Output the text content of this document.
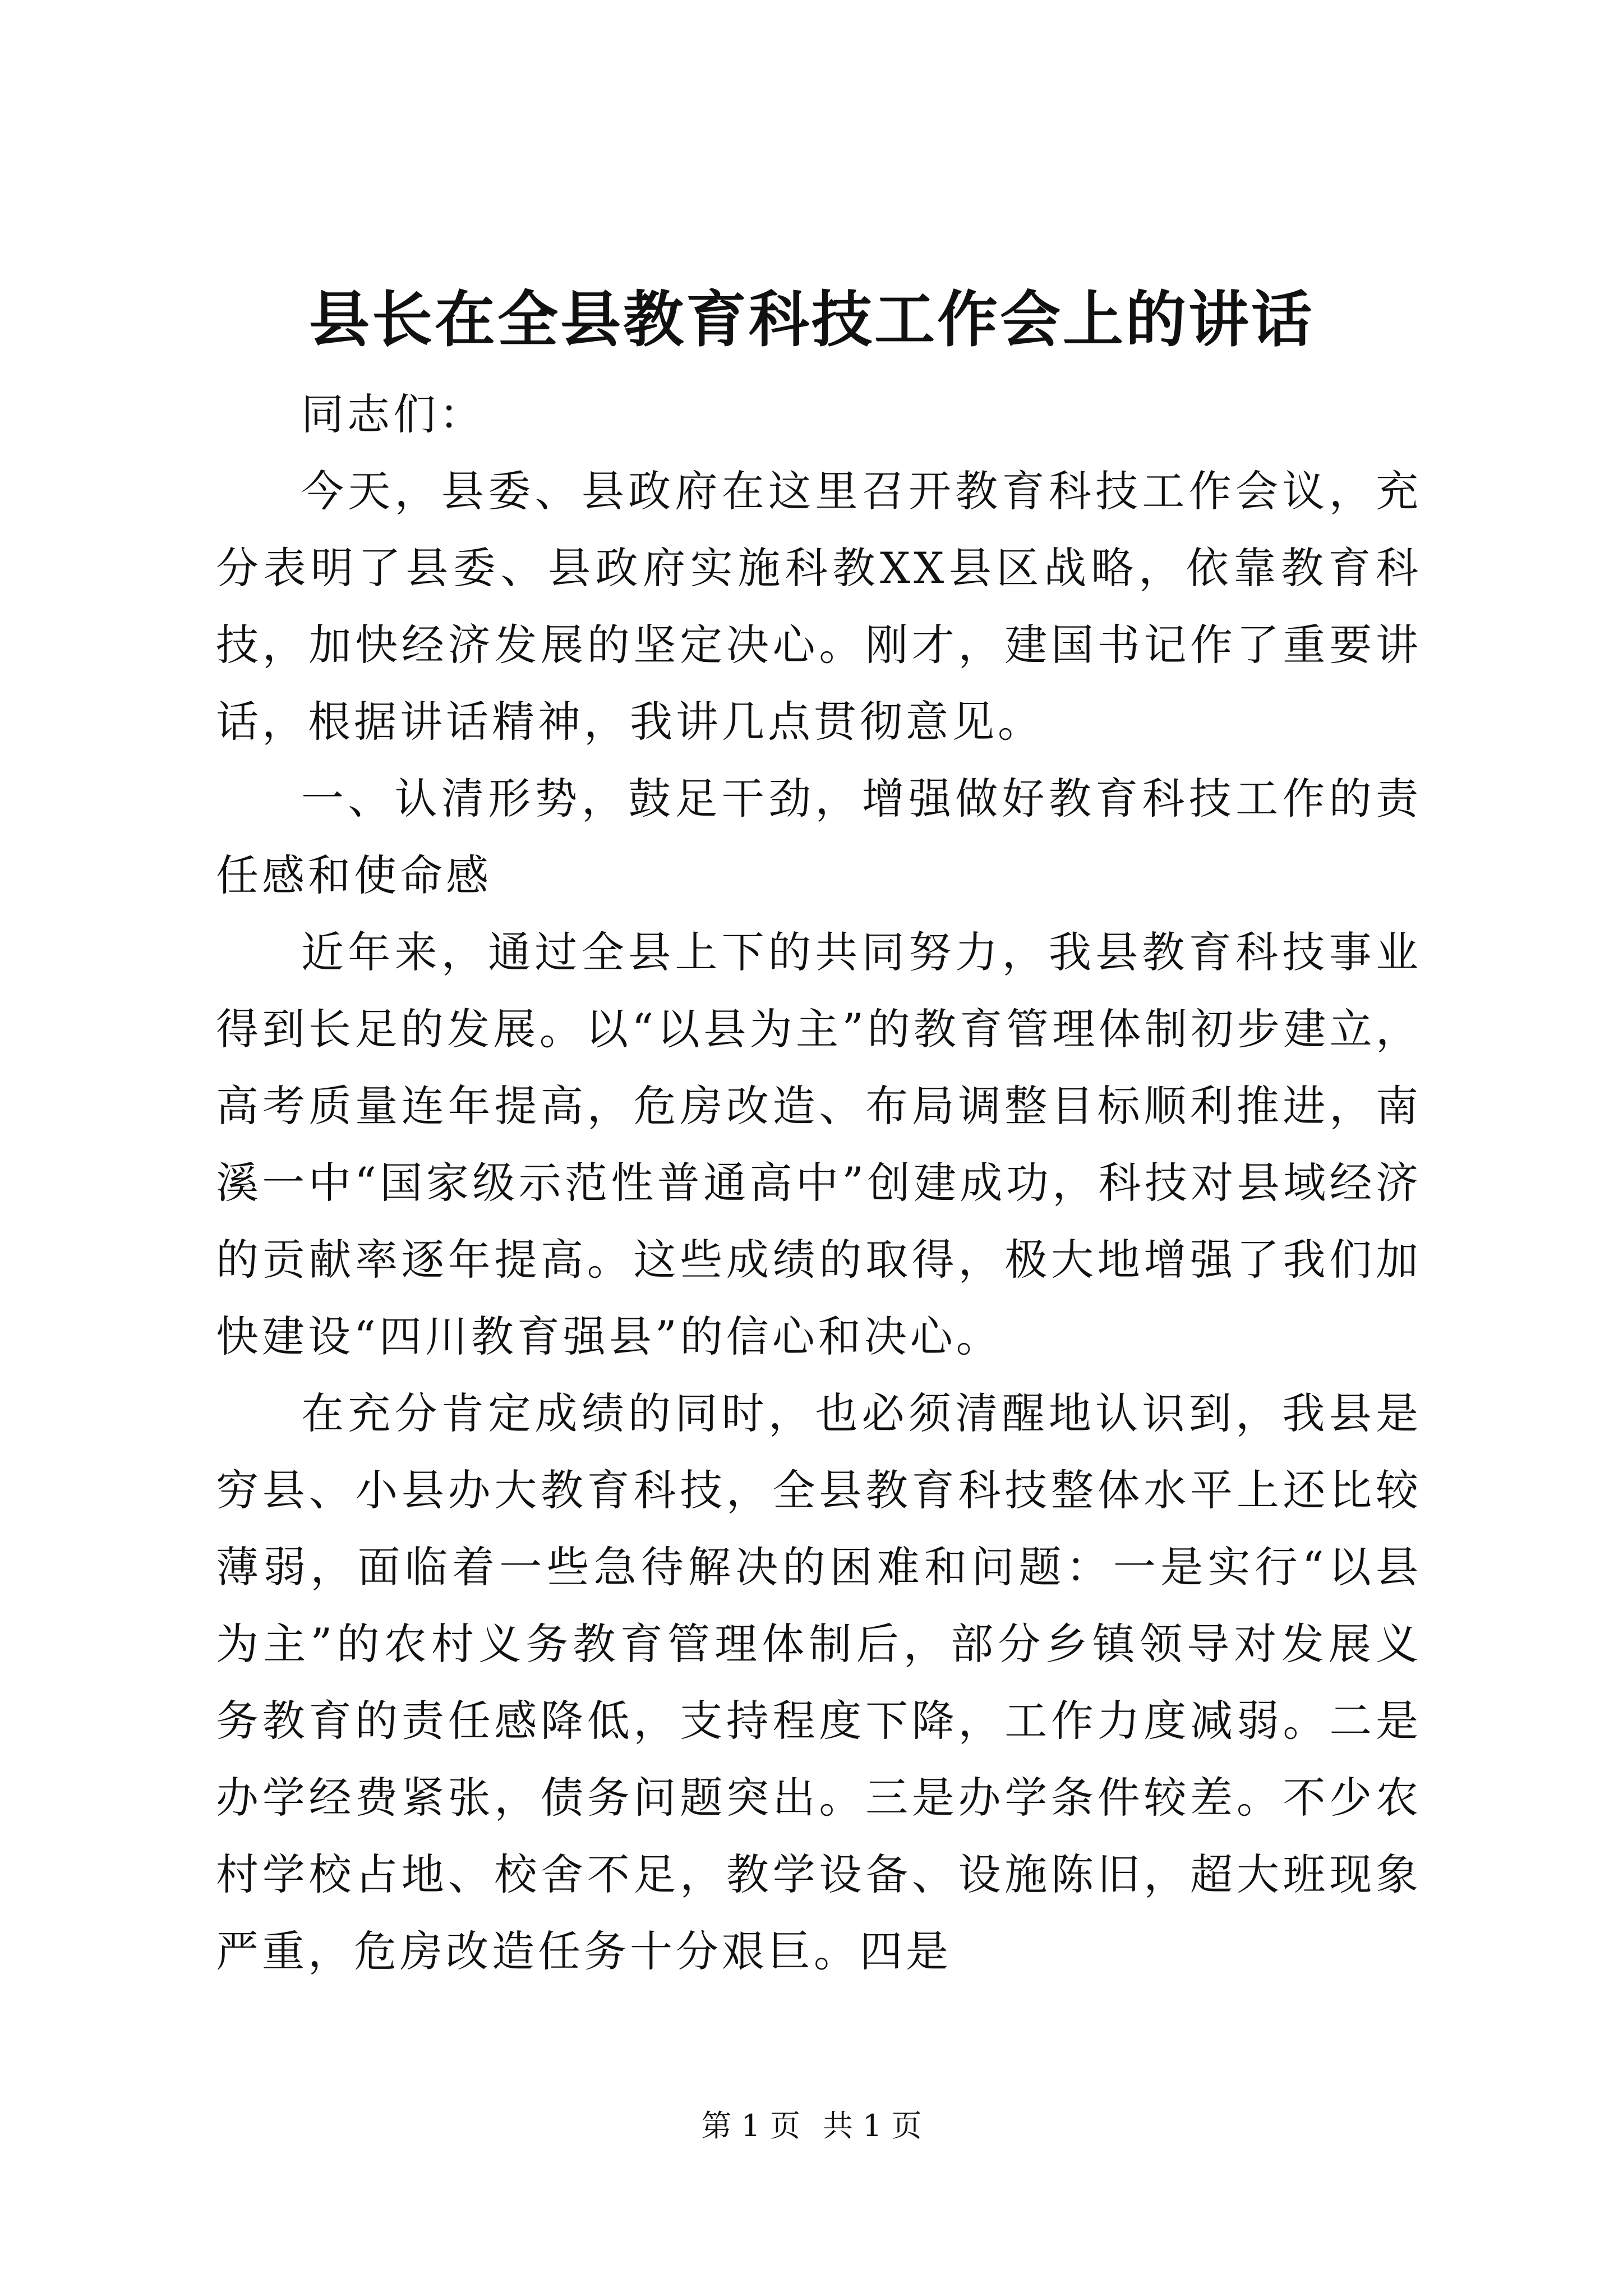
县长在全县教育科技工作会上的讲话

同志们：

今天，县委、县政府在这里召开教育科技工作会议，充分表明了县委、县政府实施科教XX县区战略，依靠教育科技，加快经济发展的坚定决心。刚才，建国书记作了重要讲话，根据讲话精神，我讲几点贯彻意见。

一、认清形势，鼓足干劲，增强做好教育科技工作的责任感和使命感

近年来，通过全县上下的共同努力，我县教育科技事业得到长足的发展。以“以县为主”的教育管理体制初步建立，高考质量连年提高，危房改造、布局调整目标顺利推进，南溪一中“国家级示范性普通高中”创建成功，科技对县域经济的贡献率逐年提高。这些成绩的取得，极大地增强了我们加快建设“四川教育强县”的信心和决心。

在充分肯定成绩的同时，也必须清醒地认识到，我县是穷县、小县办大教育科技，全县教育科技整体水平上还比较薄弱，面临着一些急待解决的困难和问题：一是实行“以县为主”的农村义务教育管理体制后，部分乡镇领导对发展义务教育的责任感降低，支持程度下降，工作力度减弱。二是办学经费紧张，债务问题突出。三是办学条件较差。不少农村学校占地、校舍不足，教学设备、设施陈旧，超大班现象严重，危房改造任务十分艰巨。四是

第 1 页 共 1 页
